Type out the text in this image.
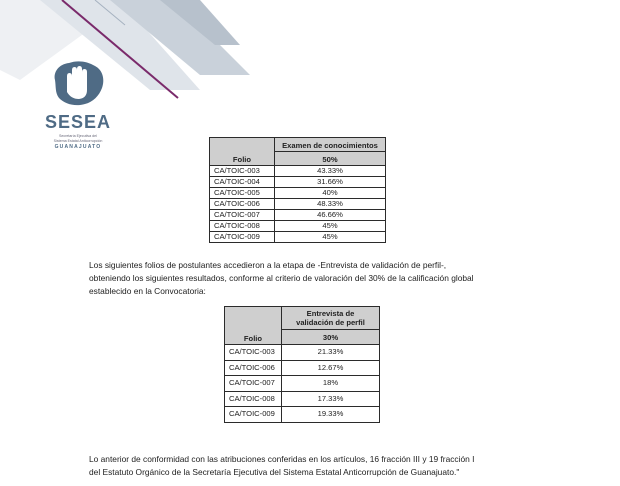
SESEA
Secretaría Ejecutiva del
Sistema Estatal Anticorrupción
GUANAJUATO
Folio	Examen de conocimientos
	50%
CA/TOIC-003	43.33%
CA/TOIC-004	31.66%
CA/TOIC-005	40%
CA/TOIC-006	48.33%
CA/TOIC-007	46.66%
CA/TOIC-008	45%
CA/TOIC-009	45%
Los siguientes folios de postulantes accedieron a la etapa de -Entrevista de validación de perfil-,
obteniendo los siguientes resultados, conforme al criterio de valoración del 30% de la calificación global
establecido en la Convocatoria:
Folio	Entrevista de
validación de perfil
	30%
CA/TOIC-003	21.33%
CA/TOIC-006	12.67%
CA/TOIC-007	18%
CA/TOIC-008	17.33%
CA/TOIC-009	19.33%
Lo anterior de conformidad con las atribuciones conferidas en los artículos, 16 fracción III y 19 fracción I
del Estatuto Orgánico de la Secretaría Ejecutiva del Sistema Estatal Anticorrupción de Guanajuato."
